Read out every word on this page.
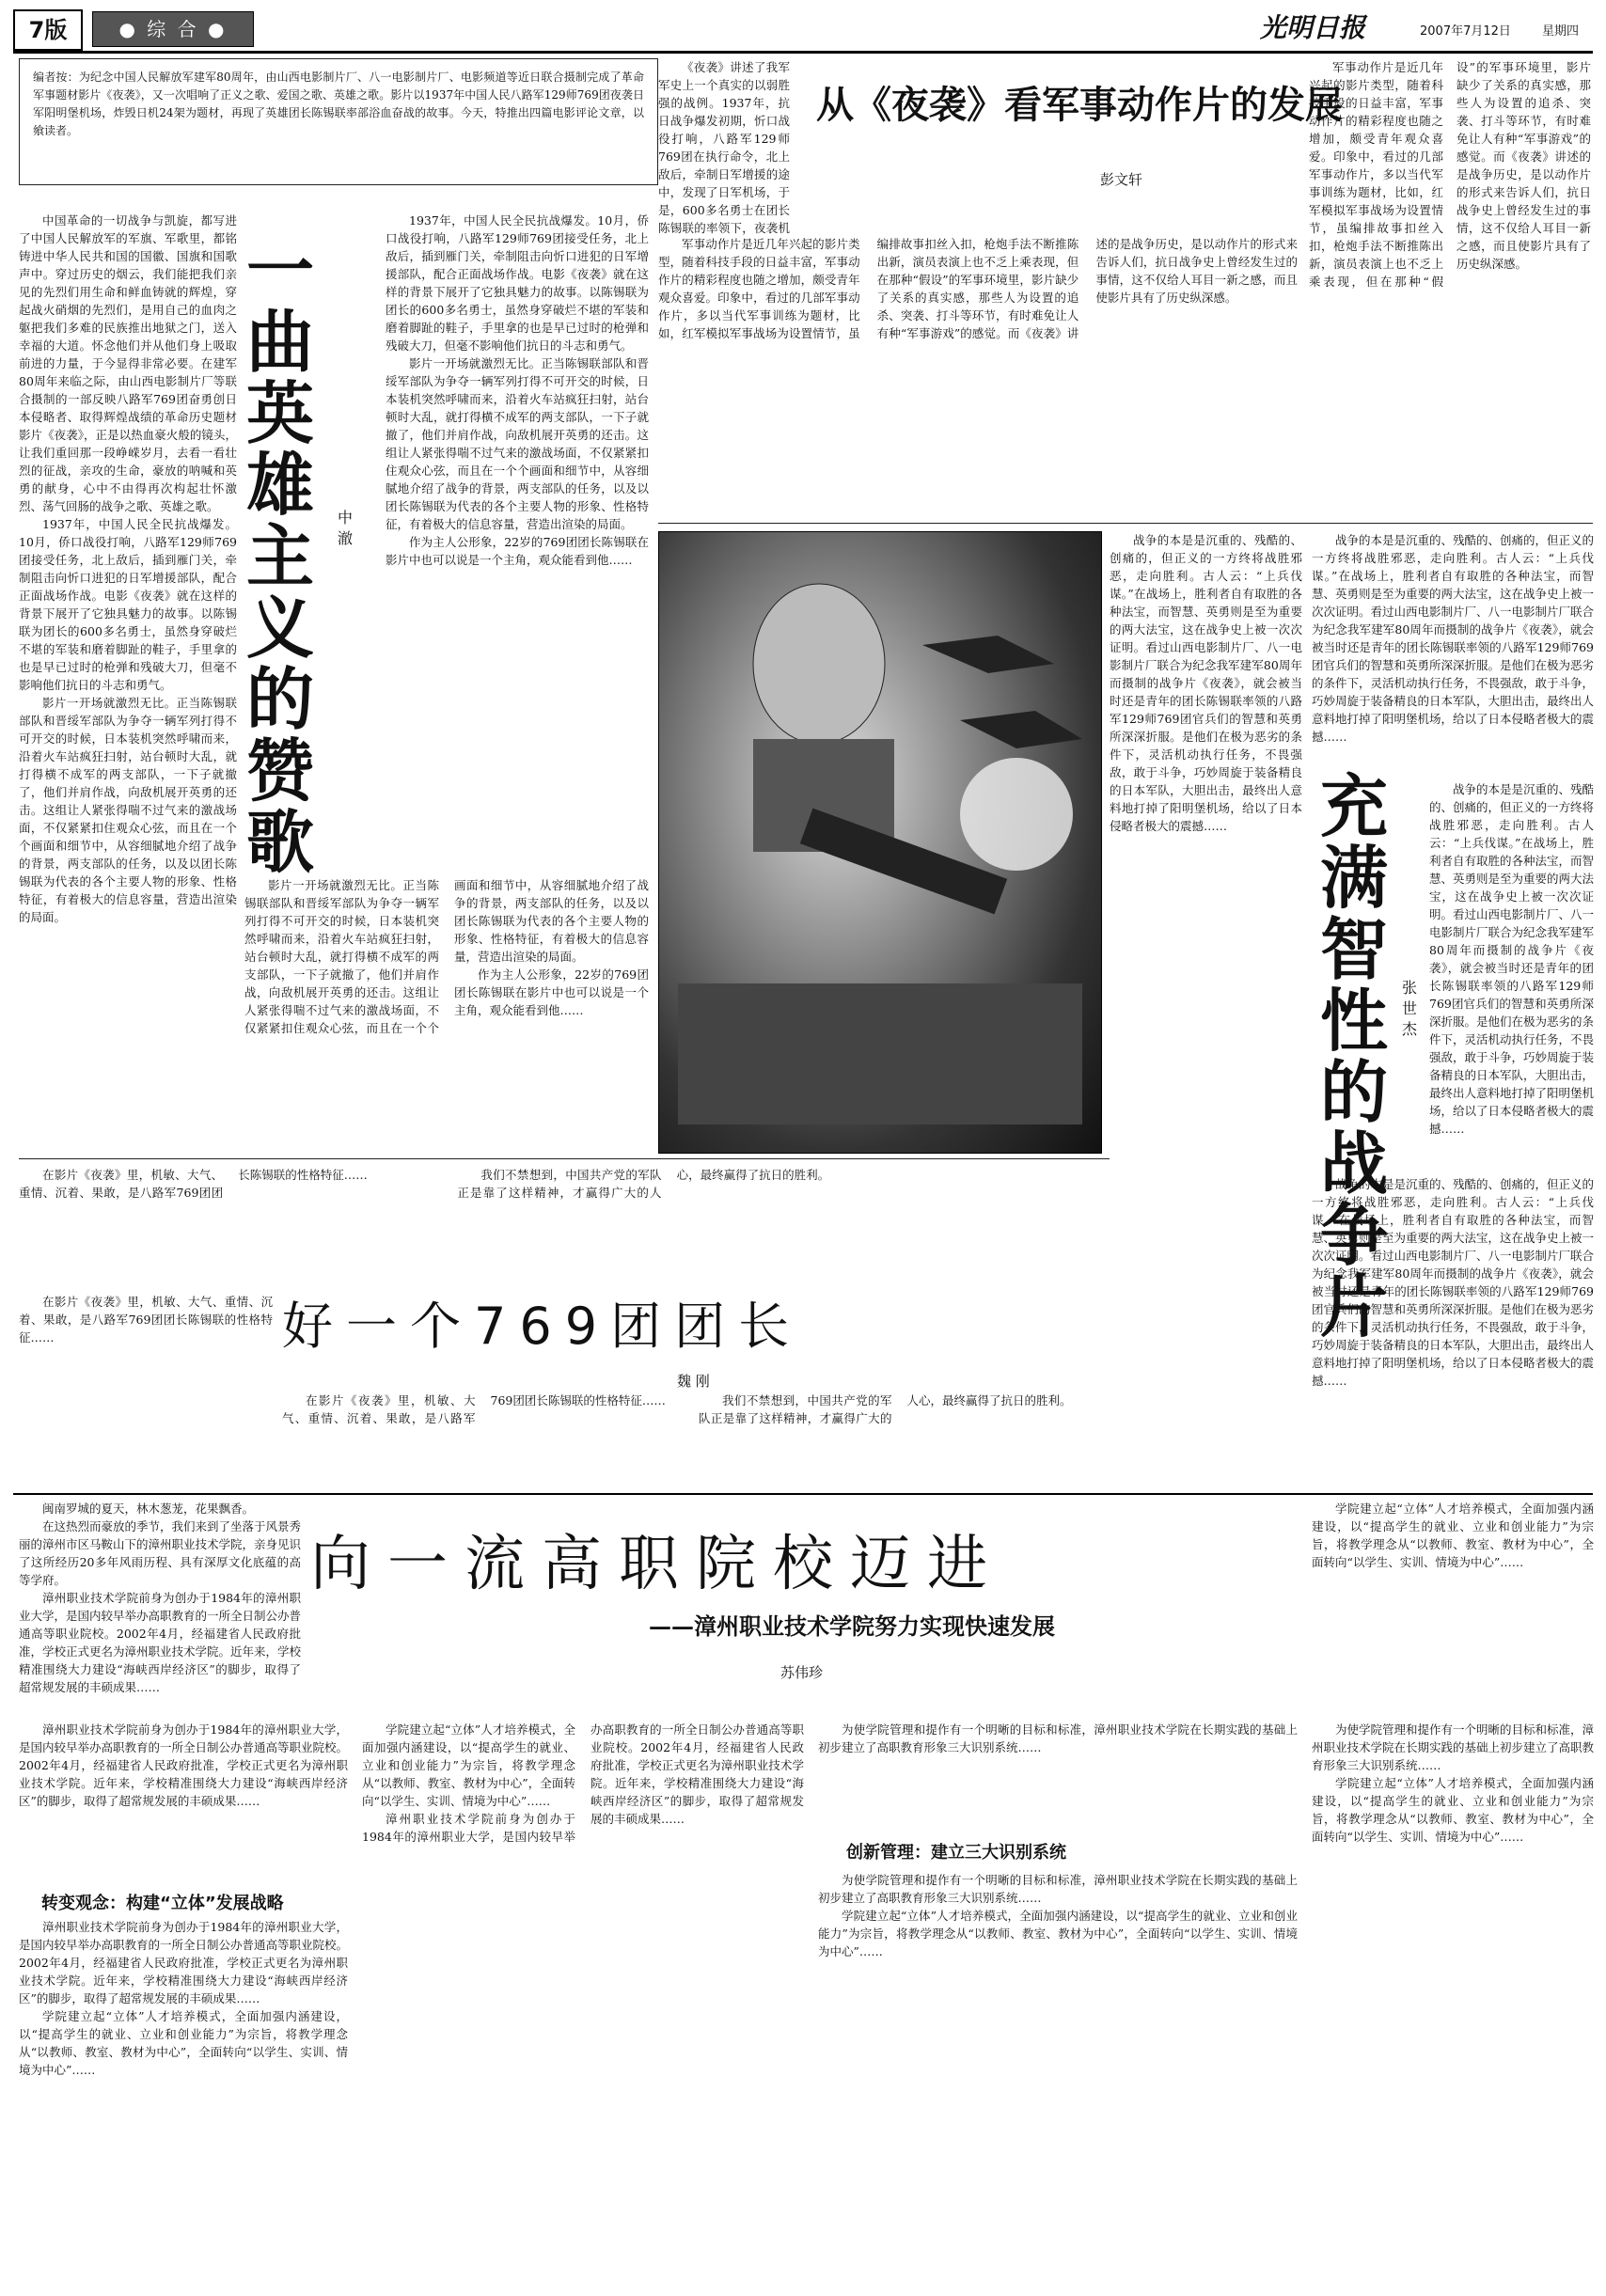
7版	● 综 合 ●	光明日报	2007年7月12日	星期四
编者按：为纪念中国人民解放军建军80周年，由山西电影制片厂、八一电影制片厂、电影频道等近日联合摄制完成了革命军事题材影片《夜袭》，又一次唱响了正义之歌、爱国之歌、英雄之歌。影片以1937年中国人民八路军129师769团夜袭日军阳明堡机场，炸毁日机24架为题材，再现了英雄团长陈锡联率部浴血奋战的故事。今天，特推出四篇电影评论文章，以飨读者。

《夜袭》讲述了我军军史上一个真实的以弱胜强的战例。1937年，抗日战争爆发初期，忻口战役打响，八路军129师769团在执行命令，北上敌后，牵制日军增援的途中，发现了日军机场，于是，600多名勇士在团长陈锡联的率领下，夜袭机

从《夜袭》看军事动作片的发展
彭文轩

军事动作片是近几年兴起的影片类型，随着科技手段的日益丰富，军事动作片的精彩程度也随之增加，颇受青年观众喜爱。印象中，看过的几部军事动作片，多以当代军事训练为题材，比如，红军模拟军事战场为设置情节，虽编排故事扣丝入扣，枪炮手法不断推陈出新，演员表演上也不乏上乘表现，但在那种“假设”的军事环境里，影片缺少了关系的真实感，那些人为设置的追杀、突袭、打斗等环节，有时难免让人有种“军事游戏”的感觉。而《夜袭》讲述的是战争历史，是以动作片的形式来告诉人们，抗日战争史上曾经发生过的事情，这不仅给人耳目一新之感，而且使影片具有了历史纵深感。

军事动作片是近几年兴起的影片类型，随着科技手段的日益丰富，军事动作片的精彩程度也随之增加，颇受青年观众喜爱。印象中，看过的几部军事动作片，多以当代军事训练为题材，比如，红军模拟军事战场为设置情节，虽编排故事扣丝入扣，枪炮手法不断推陈出新，演员表演上也不乏上乘表现，但在那种“假设”的军事环境里，影片缺少了关系的真实感，那些人为设置的追杀、突袭、打斗等环节，有时难免让人有种“军事游戏”的感觉。而《夜袭》讲述的是战争历史，是以动作片的形式来告诉人们，抗日战争史上曾经发生过的事情，这不仅给人耳目一新之感，而且使影片具有了历史纵深感。

一曲英雄主义的赞歌
中 澈

中国革命的一切战争与凯旋，都写进了中国人民解放军的军旗、军歌里，都铭铸进中华人民共和国的国徽、国旗和国歌声中。穿过历史的烟云，我们能把我们亲见的先烈们用生命和鲜血铸就的辉煌，穿起战火硝烟的先烈们，是用自己的血肉之躯把我们多难的民族推出地狱之门，送入幸福的大道。怀念他们并从他们身上吸取前进的力量，于今显得非常必要。在建军80周年来临之际，由山西电影制片厂等联合摄制的一部反映八路军769团奋勇创日本侵略者、取得辉煌战绩的革命历史题材影片《夜袭》，正是以热血豪火般的镜头，让我们重回那一段峥嵘岁月，去看一看壮烈的征战，亲攻的生命，豪放的呐喊和英勇的献身，心中不由得再次构起壮怀激烈、荡气回肠的战争之歌、英雄之歌。

1937年，中国人民全民抗战爆发。10月，侨口战役打响，八路军129师769团接受任务，北上敌后，插到雁门关，牵制阻击向忻口进犯的日军增援部队，配合正面战场作战。电影《夜袭》就在这样的背景下展开了它独具魅力的故事。以陈锡联为团长的600多名勇士，虽然身穿破烂不堪的军装和磨着脚趾的鞋子，手里拿的也是早已过时的枪弹和残破大刀，但毫不影响他们抗日的斗志和勇气。

影片一开场就激烈无比。正当陈锡联部队和晋绥军部队为争夺一辆军列打得不可开交的时候，日本装机突然呼啸而来，沿着火车站疯狂扫射，站台顿时大乱，就打得横不成军的两支部队，一下子就撤了，他们并肩作战，向敌机展开英勇的还击。这组让人紧张得喘不过气来的激战场面，不仅紧紧扣住观众心弦，而且在一个个画面和细节中，从容细腻地介绍了战争的背景，两支部队的任务，以及以团长陈锡联为代表的各个主要人物的形象、性格特征，有着极大的信息容量，营造出渲染的局面。

1937年，中国人民全民抗战爆发。10月，侨口战役打响，八路军129师769团接受任务，北上敌后，插到雁门关，牵制阻击向忻口进犯的日军增援部队，配合正面战场作战。电影《夜袭》就在这样的背景下展开了它独具魅力的故事。以陈锡联为团长的600多名勇士，虽然身穿破烂不堪的军装和磨着脚趾的鞋子，手里拿的也是早已过时的枪弹和残破大刀，但毫不影响他们抗日的斗志和勇气。

影片一开场就激烈无比。正当陈锡联部队和晋绥军部队为争夺一辆军列打得不可开交的时候，日本装机突然呼啸而来，沿着火车站疯狂扫射，站台顿时大乱，就打得横不成军的两支部队，一下子就撤了，他们并肩作战，向敌机展开英勇的还击。这组让人紧张得喘不过气来的激战场面，不仅紧紧扣住观众心弦，而且在一个个画面和细节中，从容细腻地介绍了战争的背景，两支部队的任务，以及以团长陈锡联为代表的各个主要人物的形象、性格特征，有着极大的信息容量，营造出渲染的局面。

作为主人公形象，22岁的769团团长陈锡联在影片中也可以说是一个主角，观众能看到他……

影片一开场就激烈无比。正当陈锡联部队和晋绥军部队为争夺一辆军列打得不可开交的时候，日本装机突然呼啸而来，沿着火车站疯狂扫射，站台顿时大乱，就打得横不成军的两支部队，一下子就撤了，他们并肩作战，向敌机展开英勇的还击。这组让人紧张得喘不过气来的激战场面，不仅紧紧扣住观众心弦，而且在一个个画面和细节中，从容细腻地介绍了战争的背景，两支部队的任务，以及以团长陈锡联为代表的各个主要人物的形象、性格特征，有着极大的信息容量，营造出渲染的局面。

作为主人公形象，22岁的769团团长陈锡联在影片中也可以说是一个主角，观众能看到他……

战争的本是是沉重的、残酷的、创痛的，但正义的一方终将战胜邪恶，走向胜利。古人云：“上兵伐谋。”在战场上，胜利者自有取胜的各种法宝，而智慧、英勇则是至为重要的两大法宝，这在战争史上被一次次证明。看过山西电影制片厂、八一电影制片厂联合为纪念我军建军80周年而摄制的战争片《夜袭》，就会被当时还是青年的团长陈锡联率领的八路军129师769团官兵们的智慧和英勇所深深折服。是他们在极为恶劣的条件下，灵活机动执行任务，不畏强敌，敢于斗争，巧妙周旋于装备精良的日本军队，大胆出击，最终出人意料地打掉了阳明堡机场，给以了日本侵略者极大的震撼……

战争的本是是沉重的、残酷的、创痛的，但正义的一方终将战胜邪恶，走向胜利。古人云：“上兵伐谋。”在战场上，胜利者自有取胜的各种法宝，而智慧、英勇则是至为重要的两大法宝，这在战争史上被一次次证明。看过山西电影制片厂、八一电影制片厂联合为纪念我军建军80周年而摄制的战争片《夜袭》，就会被当时还是青年的团长陈锡联率领的八路军129师769团官兵们的智慧和英勇所深深折服。是他们在极为恶劣的条件下，灵活机动执行任务，不畏强敌，敢于斗争，巧妙周旋于装备精良的日本军队，大胆出击，最终出人意料地打掉了阳明堡机场，给以了日本侵略者极大的震撼……

充满智性的战争片
张世杰

战争的本是是沉重的、残酷的、创痛的，但正义的一方终将战胜邪恶，走向胜利。古人云：“上兵伐谋。”在战场上，胜利者自有取胜的各种法宝，而智慧、英勇则是至为重要的两大法宝，这在战争史上被一次次证明。看过山西电影制片厂、八一电影制片厂联合为纪念我军建军80周年而摄制的战争片《夜袭》，就会被当时还是青年的团长陈锡联率领的八路军129师769团官兵们的智慧和英勇所深深折服。是他们在极为恶劣的条件下，灵活机动执行任务，不畏强敌，敢于斗争，巧妙周旋于装备精良的日本军队，大胆出击，最终出人意料地打掉了阳明堡机场，给以了日本侵略者极大的震撼……

战争的本是是沉重的、残酷的、创痛的，但正义的一方终将战胜邪恶，走向胜利。古人云：“上兵伐谋。”在战场上，胜利者自有取胜的各种法宝，而智慧、英勇则是至为重要的两大法宝，这在战争史上被一次次证明。看过山西电影制片厂、八一电影制片厂联合为纪念我军建军80周年而摄制的战争片《夜袭》，就会被当时还是青年的团长陈锡联率领的八路军129师769团官兵们的智慧和英勇所深深折服。是他们在极为恶劣的条件下，灵活机动执行任务，不畏强敌，敢于斗争，巧妙周旋于装备精良的日本军队，大胆出击，最终出人意料地打掉了阳明堡机场，给以了日本侵略者极大的震撼……

在影片《夜袭》里，机敏、大气、重情、沉着、果敢，是八路军769团团长陈锡联的性格特征……	我们不禁想到，中国共产党的军队正是靠了这样精神，才赢得广大的人心，最终赢得了抗日的胜利。

好一个769团团长
魏 刚

在影片《夜袭》里，机敏、大气、重情、沉着、果敢，是八路军769团团长陈锡联的性格特征……

在影片《夜袭》里，机敏、大气、重情、沉着、果敢，是八路军769团团长陈锡联的性格特征……	我们不禁想到，中国共产党的军队正是靠了这样精神，才赢得广大的人心，最终赢得了抗日的胜利。

闽南罗城的夏天，林木葱茏，花果飘香。

在这热烈而豪放的季节，我们来到了坐落于风景秀丽的漳州市区马鞍山下的漳州职业技术学院，亲身见识了这所经历20多年风雨历程、具有深厚文化底蕴的高等学府。

漳州职业技术学院前身为创办于1984年的漳州职业大学，是国内较早举办高职教育的一所全日制公办普通高等职业院校。2002年4月，经福建省人民政府批准，学校正式更名为漳州职业技术学院。近年来，学校精准围绕大力建设“海峡西岸经济区”的脚步，取得了超常规发展的丰硕成果……

向一流高职院校迈进
——漳州职业技术学院努力实现快速发展
苏伟珍

学院建立起“立体”人才培养模式，全面加强内涵建设，以“提高学生的就业、立业和创业能力”为宗旨，将教学理念从“以教师、教室、教材为中心”，全面转向“以学生、实训、情境为中心”……

漳州职业技术学院前身为创办于1984年的漳州职业大学，是国内较早举办高职教育的一所全日制公办普通高等职业院校。2002年4月，经福建省人民政府批准，学校正式更名为漳州职业技术学院。近年来，学校精准围绕大力建设“海峡西岸经济区”的脚步，取得了超常规发展的丰硕成果……

转变观念：构建“立体”发展战略

漳州职业技术学院前身为创办于1984年的漳州职业大学，是国内较早举办高职教育的一所全日制公办普通高等职业院校。2002年4月，经福建省人民政府批准，学校正式更名为漳州职业技术学院。近年来，学校精准围绕大力建设“海峡西岸经济区”的脚步，取得了超常规发展的丰硕成果……

学院建立起“立体”人才培养模式，全面加强内涵建设，以“提高学生的就业、立业和创业能力”为宗旨，将教学理念从“以教师、教室、教材为中心”，全面转向“以学生、实训、情境为中心”……

学院建立起“立体”人才培养模式，全面加强内涵建设，以“提高学生的就业、立业和创业能力”为宗旨，将教学理念从“以教师、教室、教材为中心”，全面转向“以学生、实训、情境为中心”……

漳州职业技术学院前身为创办于1984年的漳州职业大学，是国内较早举办高职教育的一所全日制公办普通高等职业院校。2002年4月，经福建省人民政府批准，学校正式更名为漳州职业技术学院。近年来，学校精准围绕大力建设“海峡西岸经济区”的脚步，取得了超常规发展的丰硕成果……

为使学院管理和提作有一个明晰的目标和标准，漳州职业技术学院在长期实践的基础上初步建立了高职教育形象三大识别系统……

创新管理：建立三大识别系统

为使学院管理和提作有一个明晰的目标和标准，漳州职业技术学院在长期实践的基础上初步建立了高职教育形象三大识别系统……

学院建立起“立体”人才培养模式，全面加强内涵建设，以“提高学生的就业、立业和创业能力”为宗旨，将教学理念从“以教师、教室、教材为中心”，全面转向“以学生、实训、情境为中心”……

为使学院管理和提作有一个明晰的目标和标准，漳州职业技术学院在长期实践的基础上初步建立了高职教育形象三大识别系统……

学院建立起“立体”人才培养模式，全面加强内涵建设，以“提高学生的就业、立业和创业能力”为宗旨，将教学理念从“以教师、教室、教材为中心”，全面转向“以学生、实训、情境为中心”……
